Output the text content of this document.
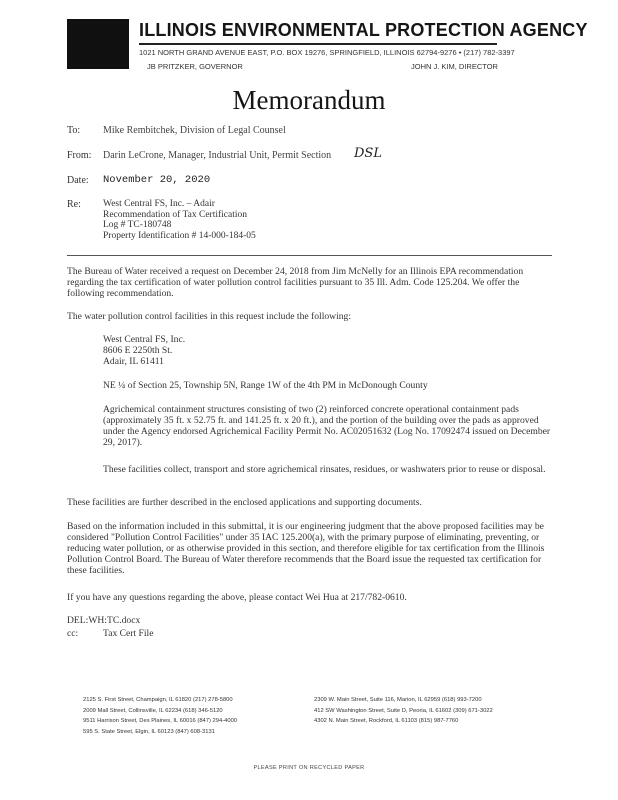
ILLINOIS ENVIRONMENTAL PROTECTION AGENCY
1021 NORTH GRAND AVENUE EAST, P.O. BOX 19276, SPRINGFIELD, ILLINOIS 62794-9276 • (217) 782-3397
JB PRITZKER, GOVERNOR	JOHN J. KIM, DIRECTOR
Memorandum
To: Mike Rembitchek, Division of Legal Counsel
From: Darin LeCrone, Manager, Industrial Unit, Permit Section DSL
Date: November 20, 2020
Re: West Central FS, Inc. – Adair
Recommendation of Tax Certification
Log # TC-180748
Property Identification # 14-000-184-05
The Bureau of Water received a request on December 24, 2018 from Jim McNelly for an Illinois EPA recommendation regarding the tax certification of water pollution control facilities pursuant to 35 Ill. Adm. Code 125.204. We offer the following recommendation.
The water pollution control facilities in this request include the following:
West Central FS, Inc.
8606 E 2250th St.
Adair, IL 61411
NE ¼ of Section 25, Township 5N, Range 1W of the 4th PM in McDonough County
Agrichemical containment structures consisting of two (2) reinforced concrete operational containment pads (approximately 35 ft. x 52.75 ft. and 141.25 ft. x 20 ft.), and the portion of the building over the pads as approved under the Agency endorsed Agrichemical Facility Permit No. AC02051632 (Log No. 17092474 issued on December 29, 2017).
These facilities collect, transport and store agrichemical rinsates, residues, or washwaters prior to reuse or disposal.
These facilities are further described in the enclosed applications and supporting documents.
Based on the information included in this submittal, it is our engineering judgment that the above proposed facilities may be considered "Pollution Control Facilities" under 35 IAC 125.200(a), with the primary purpose of eliminating, preventing, or reducing water pollution, or as otherwise provided in this section, and therefore eligible for tax certification from the Illinois Pollution Control Board. The Bureau of Water therefore recommends that the Board issue the requested tax certification for these facilities.
If you have any questions regarding the above, please contact Wei Hua at 217/782-0610.
DEL:WH:TC.docx
cc:	Tax Cert File
2125 S. First Street, Champaign, IL 61820 (217) 278-5800
2009 Mall Street, Collinsville, IL 62234 (618) 346-5120
9511 Harrison Street, Des Plaines, IL 60016 (847) 294-4000
595 S. State Street, Elgin, IL 60123 (847) 608-3131
2309 W. Main Street, Suite 116, Marion, IL 62959 (618) 993-7200
412 SW Washington Street, Suite D, Peoria, IL 61602 (309) 671-3022
4302 N. Main Street, Rockford, IL 61103 (815) 987-7760
PLEASE PRINT ON RECYCLED PAPER
